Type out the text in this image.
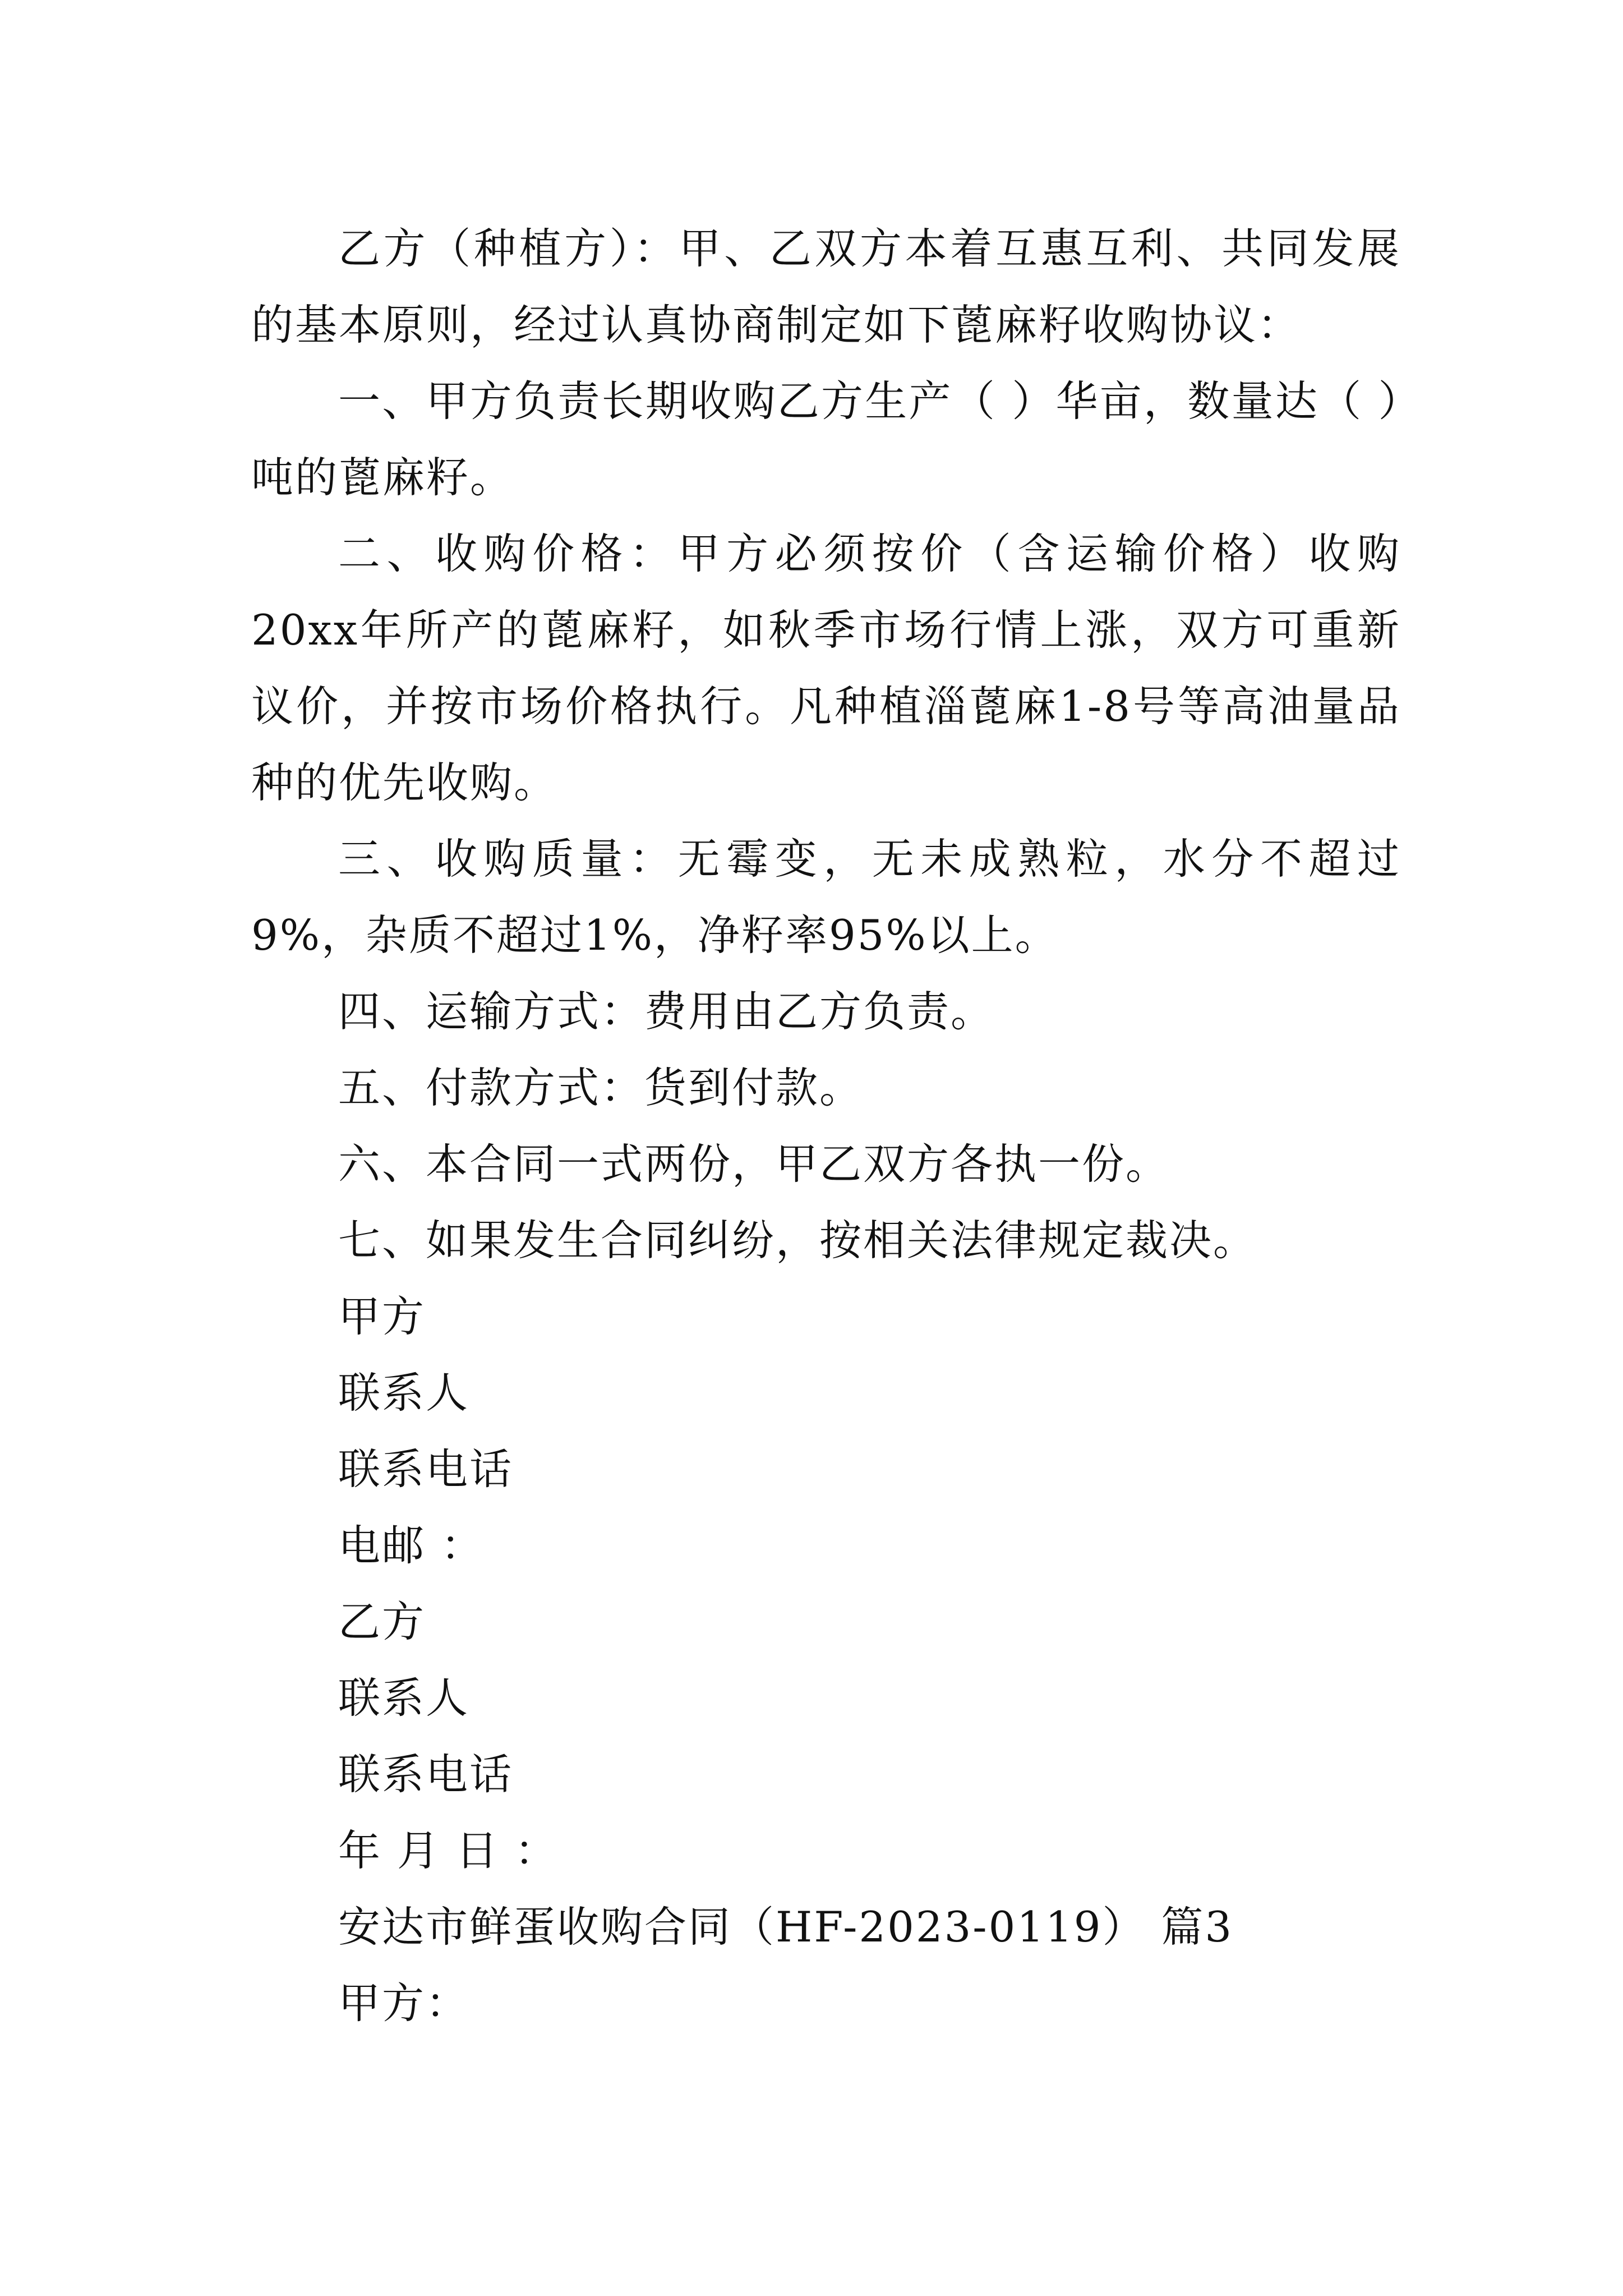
乙方（种植方）：甲、乙双方本着互惠互利、共同发展的基本原则，经过认真协商制定如下蓖麻籽收购协议：

一、甲方负责长期收购乙方生产（ ）华亩，数量达（ ）吨的蓖麻籽。

二、收购价格：甲方必须按价（含运输价格）收购20xx年所产的蓖麻籽，如秋季市场行情上涨，双方可重新议价，并按市场价格执行。凡种植淄蓖麻1-8号等高油量品种的优先收购。

三、收购质量：无霉变，无未成熟粒，水分不超过9%，杂质不超过1%，净籽率95%以上。

四、运输方式：费用由乙方负责。

五、付款方式：货到付款。

六、本合同一式两份，甲乙双方各执一份。

七、如果发生合同纠纷，按相关法律规定裁决。

甲方

联系人

联系电话

电邮 ：

乙方

联系人

联系电话

年 月 日 ：

安达市鲜蛋收购合同（HF-2023-0119） 篇3

甲方：
